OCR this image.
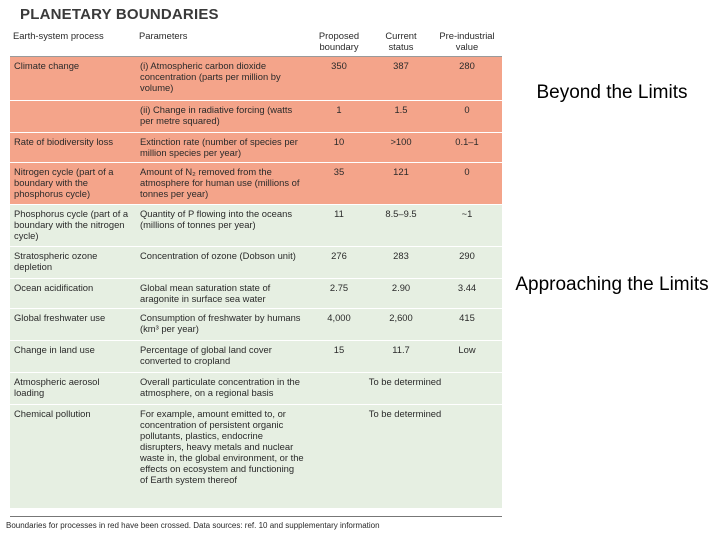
PLANETARY BOUNDARIES
Earth-system process	Parameters	Proposed boundary	Current status	Pre-industrial value
Climate change	(i) Atmospheric carbon dioxide concentration (parts per million by volume)	350	387	280
	(ii) Change in radiative forcing (watts per metre squared)	1	1.5	0
Rate of biodiversity loss	Extinction rate (number of species per million species per year)	10	>100	0.1–1
Nitrogen cycle (part of a boundary with the phosphorus cycle)	Amount of N₂ removed from the atmosphere for human use (millions of tonnes per year)	35	121	0
Phosphorus cycle (part of a boundary with the nitrogen cycle)	Quantity of P flowing into the oceans (millions of tonnes per year)	11	8.5–9.5	~1
Stratospheric ozone depletion	Concentration of ozone (Dobson unit)	276	283	290
Ocean acidification	Global mean saturation state of aragonite in surface sea water	2.75	2.90	3.44
Global freshwater use	Consumption of freshwater by humans (km³ per year)	4,000	2,600	415
Change in land use	Percentage of global land cover converted to cropland	15	11.7	Low
Atmospheric aerosol loading	Overall particulate concentration in the atmosphere, on a regional basis	To be determined		
Chemical pollution	For example, amount emitted to, or concentration of persistent organic pollutants, plastics, endocrine disrupters, heavy metals and nuclear waste in, the global environment, or the effects on ecosystem and functioning of Earth system thereof	To be determined		
Boundaries for processes in red have been crossed. Data sources: ref. 10 and supplementary information
Beyond the Limits
Approaching the Limits
